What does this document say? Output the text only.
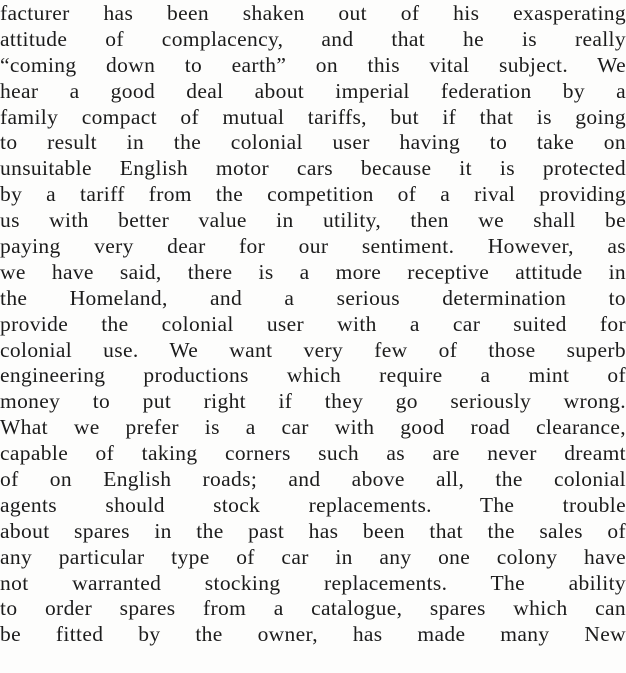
facturer has been shaken out of his exasperating
attitude of complacency, and that he is really
“coming down to earth” on this vital subject. We
hear a good deal about imperial federation by a
family compact of mutual tariffs, but if that is going
to result in the colonial user having to take on
unsuitable English motor cars because it is protected
by a tariff from the competition of a rival providing
us with better value in utility, then we shall be
paying very dear for our sentiment. However, as
we have said, there is a more receptive attitude in
the Homeland, and a serious determination to
provide the colonial user with a car suited for
colonial use. We want very few of those superb
engineering productions which require a mint of
money to put right if they go seriously wrong.
What we prefer is a car with good road clearance,
capable of taking corners such as are never dreamt
of on English roads; and above all, the colonial
agents should stock replacements. The trouble
about spares in the past has been that the sales of
any particular type of car in any one colony have
not warranted stocking replacements. The ability
to order spares from a catalogue, spares which can
be fitted by the owner, has made many New
